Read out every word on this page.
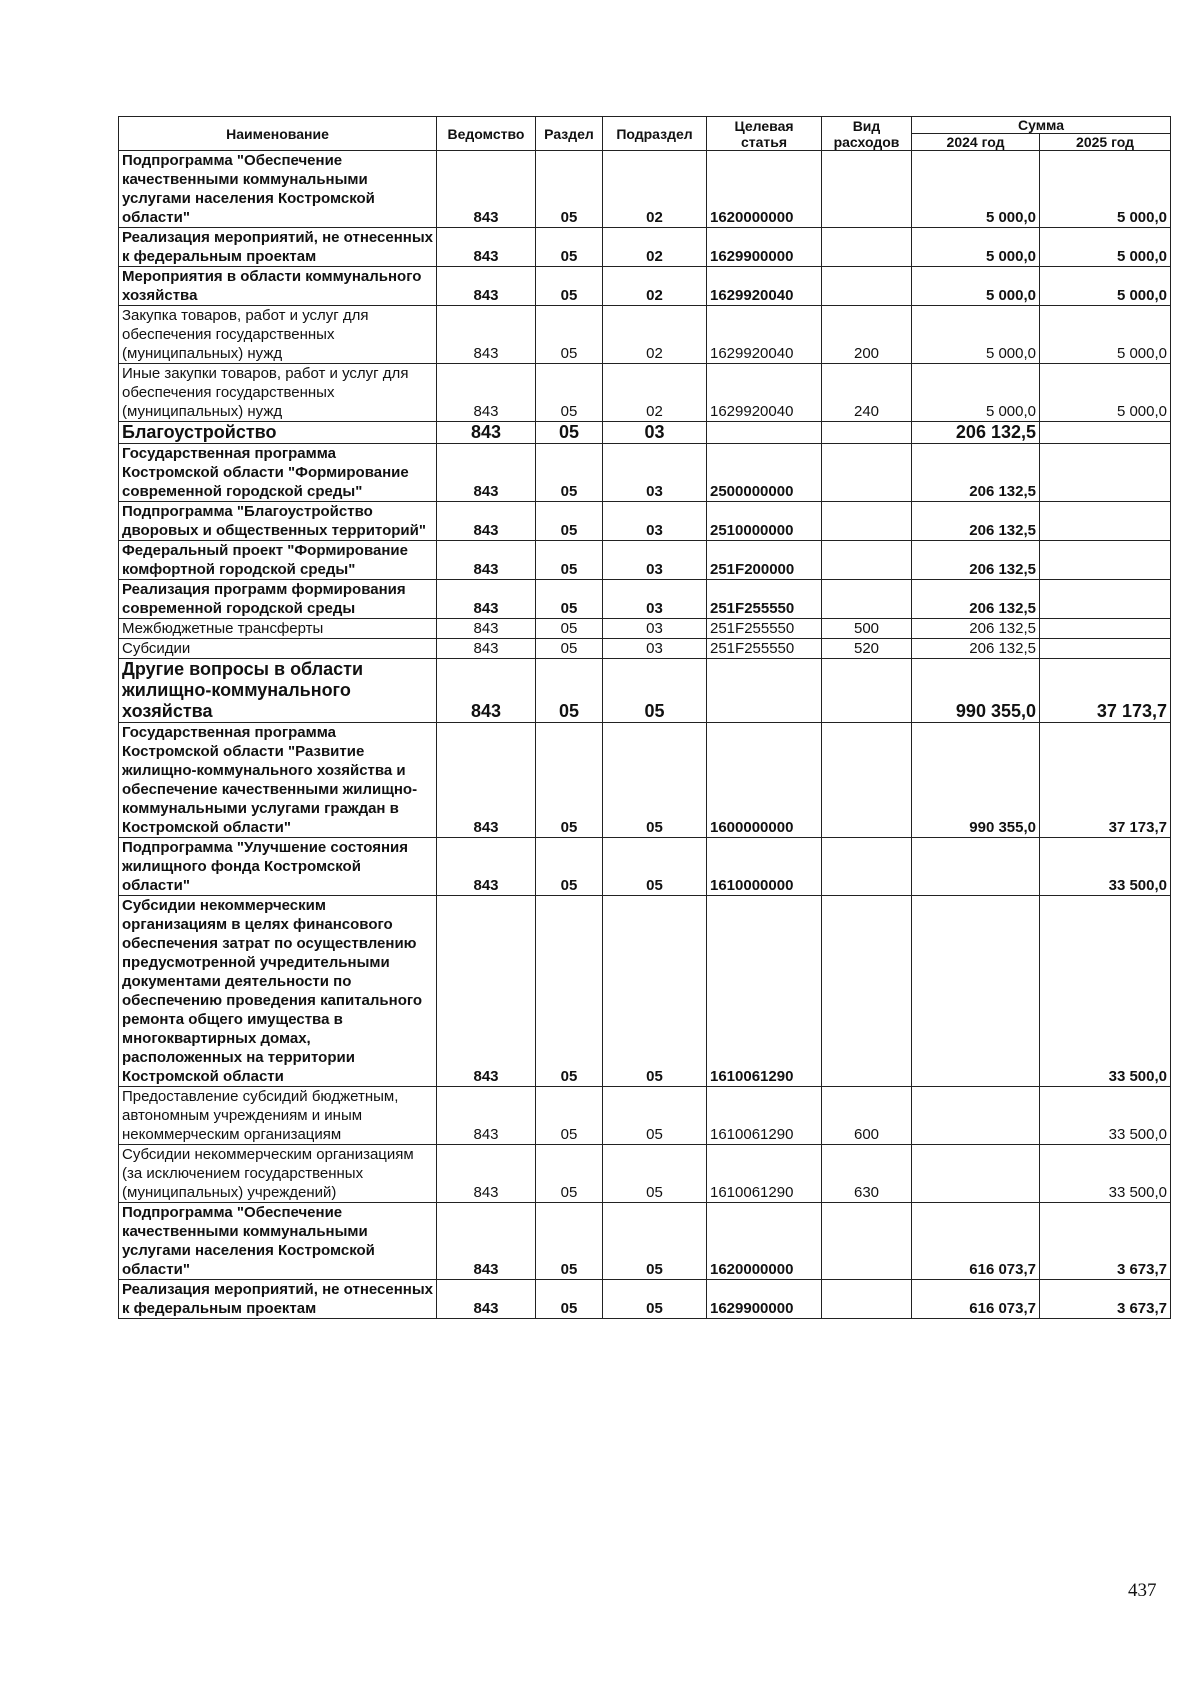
Наименование	Ведомство	Раздел	Подраздел	Целевая статья	Вид расходов	Сумма	
						2024 год	2025 год
Подпрограмма "Обеспечение качественными коммунальными услугами населения Костромской области"	843	05	02	1620000000		5 000,0	5 000,0
Реализация мероприятий, не отнесенных к федеральным проектам	843	05	02	1629900000		5 000,0	5 000,0
Мероприятия в области коммунального хозяйства	843	05	02	1629920040		5 000,0	5 000,0
Закупка товаров, работ и услуг для обеспечения государственных (муниципальных) нужд	843	05	02	1629920040	200	5 000,0	5 000,0
Иные закупки товаров, работ и услуг для обеспечения государственных (муниципальных) нужд	843	05	02	1629920040	240	5 000,0	5 000,0
Благоустройство	843	05	03			206 132,5	
Государственная программа Костромской области "Формирование современной городской среды"	843	05	03	2500000000		206 132,5	
Подпрограмма "Благоустройство дворовых и общественных территорий"	843	05	03	2510000000		206 132,5	
Федеральный проект "Формирование комфортной городской среды"	843	05	03	251F200000		206 132,5	
Реализация программ формирования современной городской среды	843	05	03	251F255550		206 132,5	
Межбюджетные трансферты	843	05	03	251F255550	500	206 132,5	
Субсидии	843	05	03	251F255550	520	206 132,5	
Другие вопросы в области жилищно-коммунального хозяйства	843	05	05			990 355,0	37 173,7
Государственная программа Костромской области "Развитие жилищно-коммунального хозяйства и обеспечение качественными жилищно-коммунальными услугами граждан в Костромской области"	843	05	05	1600000000		990 355,0	37 173,7
Подпрограмма "Улучшение состояния жилищного фонда Костромской области"	843	05	05	1610000000			33 500,0
Субсидии некоммерческим организациям в целях финансового обеспечения затрат по осуществлению предусмотренной учредительными документами деятельности по обеспечению проведения капитального ремонта общего имущества в многоквартирных домах, расположенных на территории Костромской области	843	05	05	1610061290			33 500,0
Предоставление субсидий бюджетным, автономным учреждениям и иным некоммерческим организациям	843	05	05	1610061290	600		33 500,0
Субсидии некоммерческим организациям (за исключением государственных (муниципальных) учреждений)	843	05	05	1610061290	630		33 500,0
Подпрограмма "Обеспечение качественными коммунальными услугами населения Костромской области"	843	05	05	1620000000		616 073,7	3 673,7
Реализация мероприятий, не отнесенных к федеральным проектам	843	05	05	1629900000		616 073,7	3 673,7
437
